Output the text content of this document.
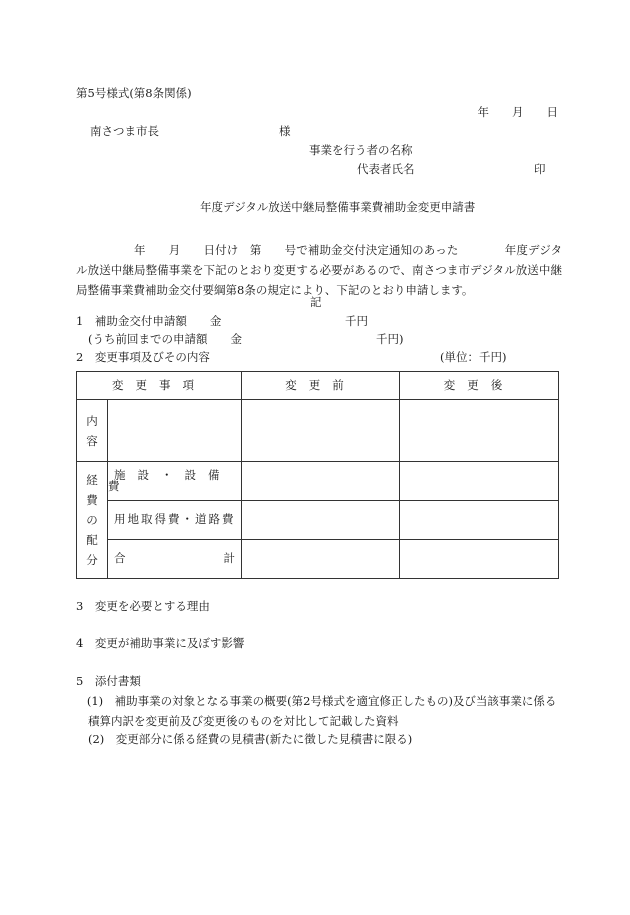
第5号様式(第8条関係)

年　　月　　日

南さつま市長	様

事業を行う者の名称

代表者氏名	印

年度デジタル放送中継局整備事業費補助金変更申請書

　　　　　年　　月　　日付け　第　　号で補助金交付決定通知のあった　　　　年度デジタル放送中継局整備事業を下記のとおり変更する必要があるので、南さつま市デジタル放送中継局整備事業費補助金交付要綱第8条の規定により、下記のとおり申請します。

記

1　補助金交付申請額　　金	千円

(うち前回までの申請額　　金	千円)

2　変更事項及びその内容	(単位：千円)

変更事項		変更前	変更後

内容			

経費の配分	施設・設備費		
	用地取得費・道路費		

	合 計		

3　変更を必要とする理由

4　変更が補助事業に及ぼす影響

5　添付書類

(1)　補助事業の対象となる事業の概要(第2号様式を適宜修正したもの)及び当該事業に係る積算内訳を変更前及び変更後のものを対比して記載した資料

(2)　変更部分に係る経費の見積書(新たに徴した見積書に限る)
